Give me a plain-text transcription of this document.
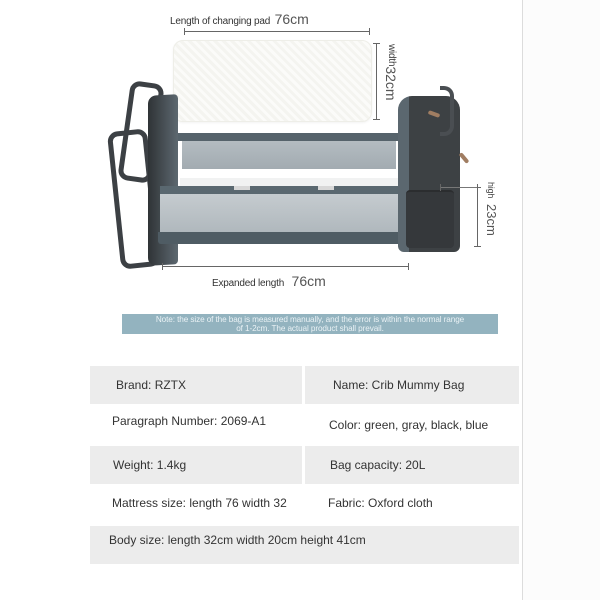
Length of changing pad 76cm
width32cm
high23cm
Expanded length 76cm
Note: the size of the bag is measured manually, and the error is within the normal range
of 1-2cm. The actual product shall prevail.
Brand: RZTX	Name: Crib Mummy Bag
Paragraph Number: 2069-A1	Color: green, gray, black, blue
Weight: 1.4kg	Bag capacity: 20L
Mattress size: length 76 width 32	Fabric: Oxford cloth
Body size: length 32cm width 20cm height 41cm
